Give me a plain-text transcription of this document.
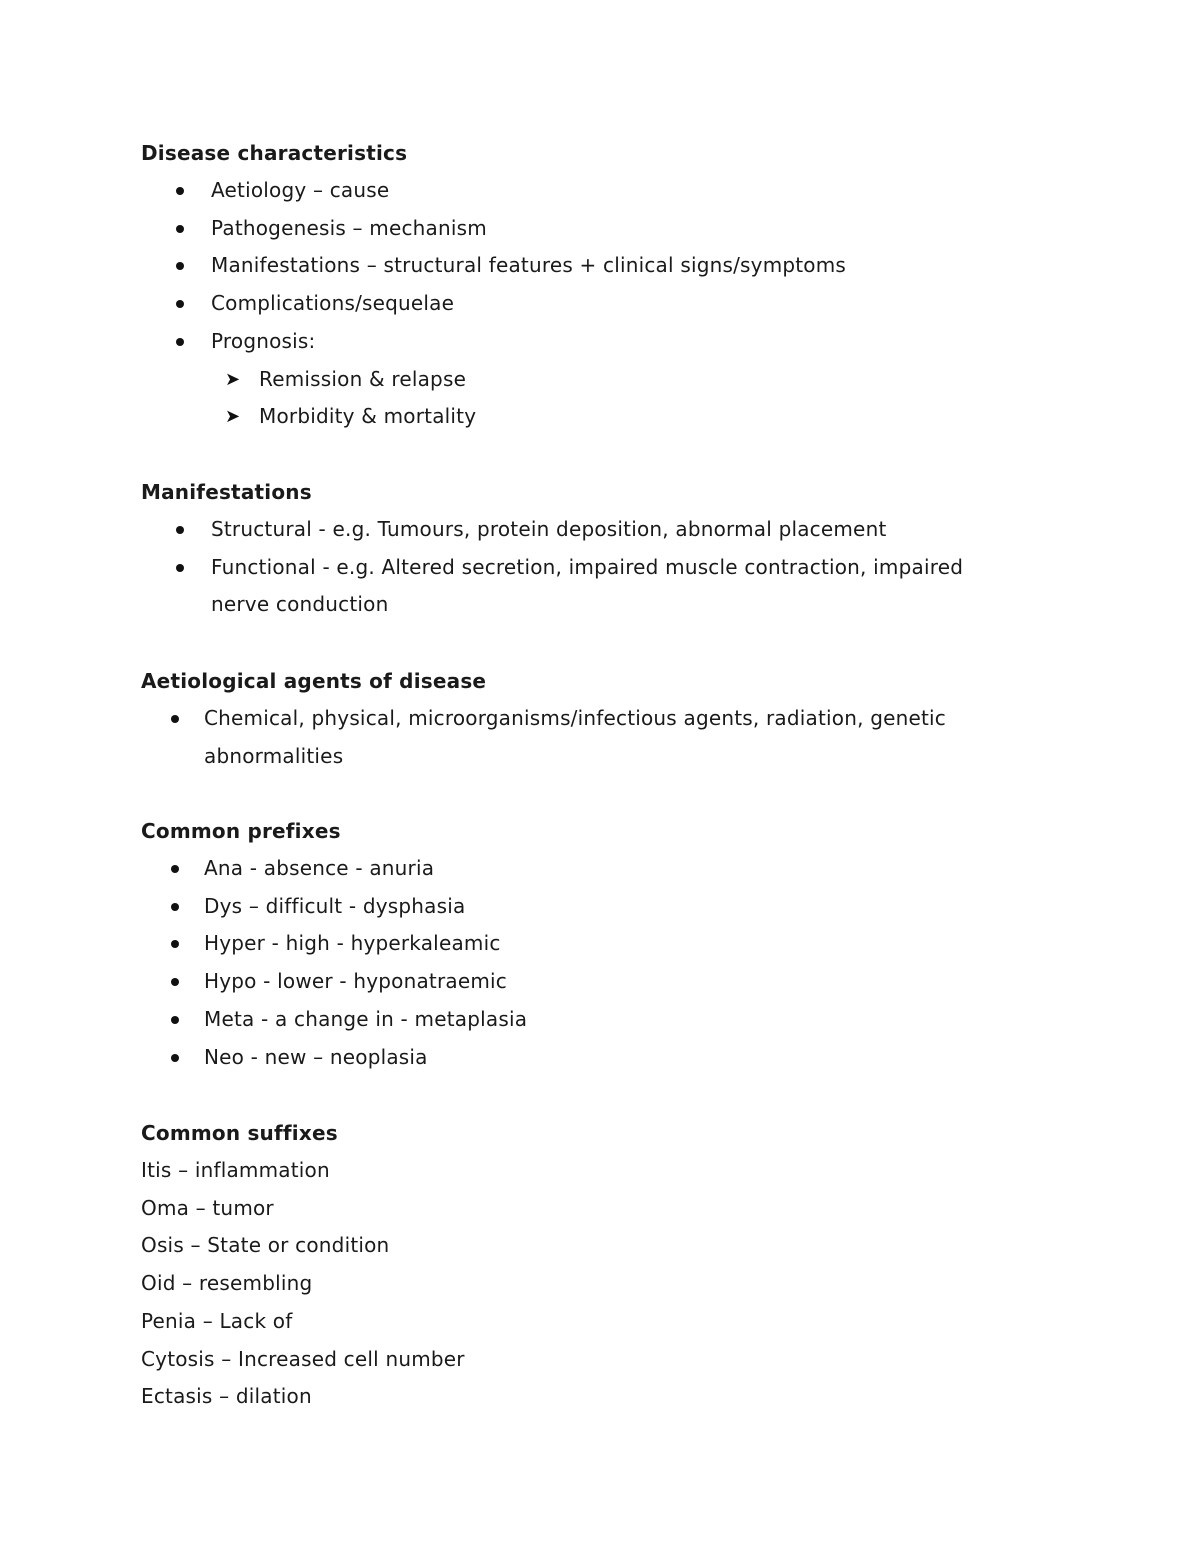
Disease characteristics
Aetiology – cause
Pathogenesis – mechanism
Manifestations – structural features + clinical signs/symptoms
Complications/sequelae
Prognosis:
➤ Remission & relapse
➤ Morbidity & mortality
Manifestations
Structural - e.g. Tumours, protein deposition, abnormal placement
Functional - e.g. Altered secretion, impaired muscle contraction, impaired
nerve conduction
Aetiological agents of disease
Chemical, physical, microorganisms/infectious agents, radiation, genetic
abnormalities
Common prefixes
Ana - absence - anuria
Dys – difficult - dysphasia
Hyper - high - hyperkaleamic
Hypo - lower - hyponatraemic
Meta - a change in - metaplasia
Neo - new – neoplasia
Common suffixes

Itis – inflammation

Oma – tumor

Osis – State or condition

Oid – resembling

Penia – Lack of

Cytosis – Increased cell number

Ectasis – dilation
